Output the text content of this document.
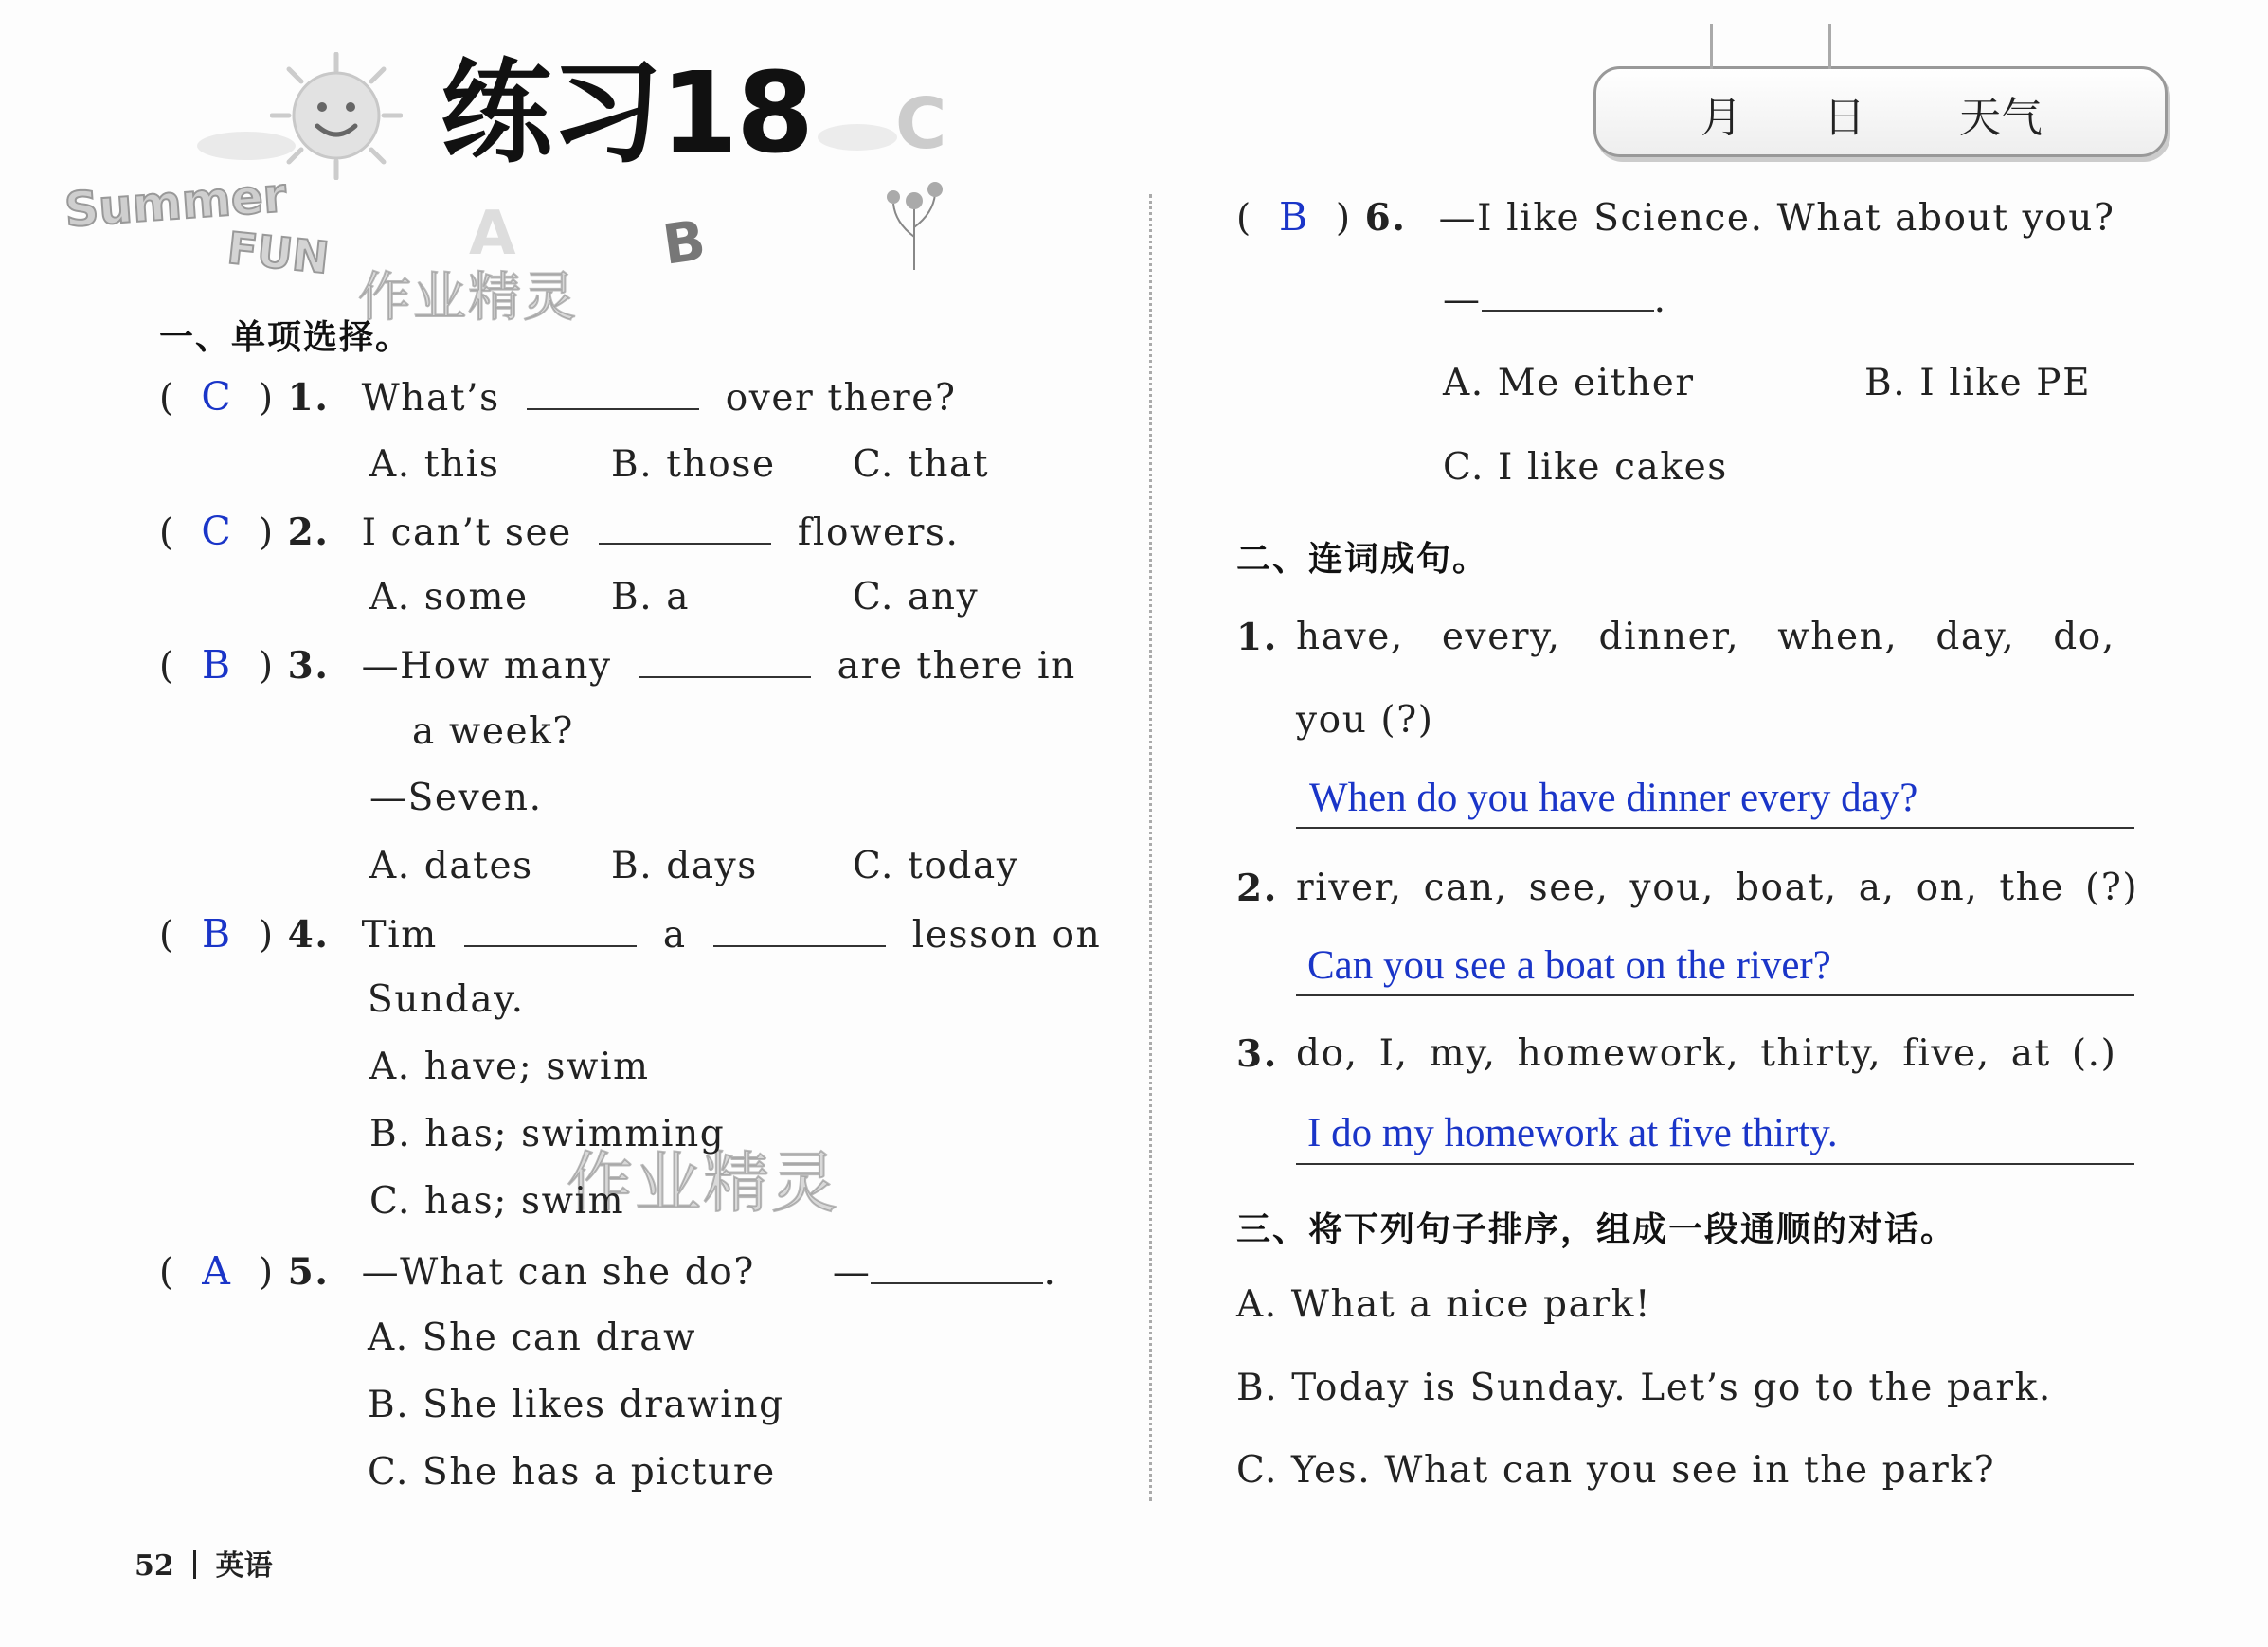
Summer
FUN A	B
C
练习18	月 日 天气
作业精灵
作业精灵
一、单项选择。
( C ) 1. What’s	over there?
A. this	B. those C. that
( C ) 2. I can’t see	flowers.
A. some B. a	C. any
( B ) 3. —How many	are there in
a week?
—Seven.
A. dates B. days	C. today
( B ) 4. Tim	a	lesson on
Sunday.
A. have; swim
B. has; swimming
C. has; swim
( A ) 5. —What can she do? —	.
A. She can draw
B. She likes drawing
C. She has a picture
( B ) 6. —I like Science. What about you?
—	.
A. Me either	B. I like PE
C. I like cakes
二、连词成句。
1. have, every, dinner, when, day, do,
you (?)
When do you have dinner every day?
2. river, can, see, you, boat, a, on, the (?)
Can you see a boat on the river?
3. do, I, my, homework, thirty, five, at (.)
I do my homework at five thirty.
三、将下列句子排序，组成一段通顺的对话。
A. What a nice park!
B. Today is Sunday. Let’s go to the park.
C. Yes. What can you see in the park?
52 英语
